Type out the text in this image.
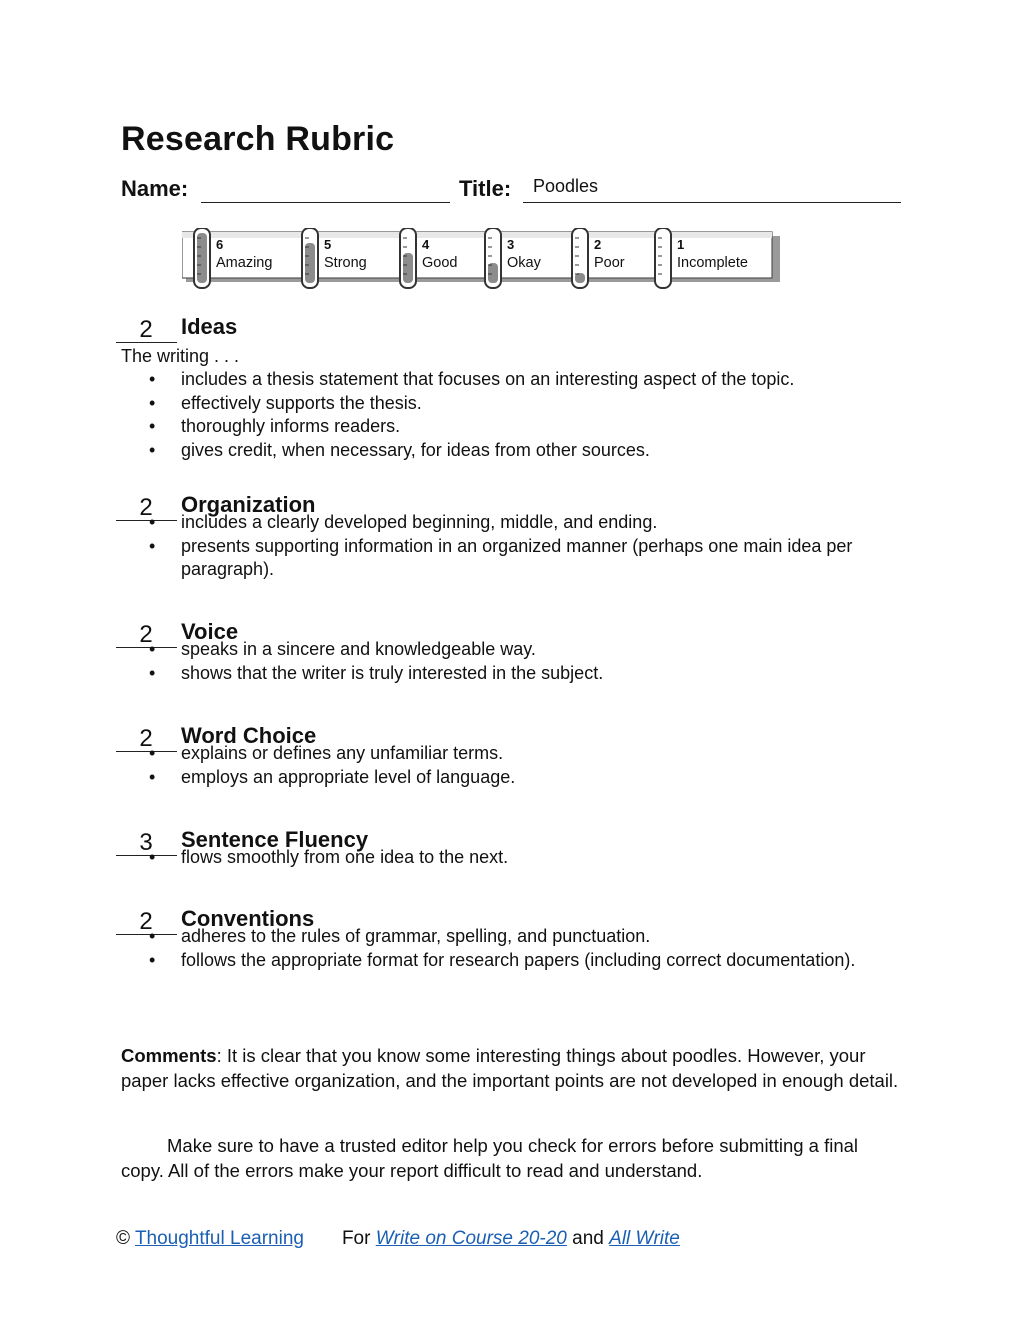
Research Rubric
Name:	Title: Poodles
6
Amazing
5
Strong
4
Good
3
Okay
2
Poor
1
Incomplete
2	Ideas
The writing . . .
• includes a thesis statement that focuses on an interesting aspect of the topic.
• effectively supports the thesis.
• thoroughly informs readers.
• gives credit, when necessary, for ideas from other sources.
2	Organization
• includes a clearly developed beginning, middle, and ending.
• presents supporting information in an organized manner (perhaps one main idea per paragraph).
2	Voice
• speaks in a sincere and knowledgeable way.
• shows that the writer is truly interested in the subject.
2	Word Choice
• explains or defines any unfamiliar terms.
• employs an appropriate level of language.
3	Sentence Fluency
• flows smoothly from one idea to the next.
2	Conventions
• adheres to the rules of grammar, spelling, and punctuation.
• follows the appropriate format for research papers (including correct documentation).

Comments: It is clear that you know some interesting things about poodles. However, your paper lacks effective organization, and the important points are not developed in enough detail.

Make sure to have a trusted editor help you check for errors before submitting a final copy. All of the errors make your report difficult to read and understand.

© Thoughtful Learning For Write on Course 20-20 and All Write
